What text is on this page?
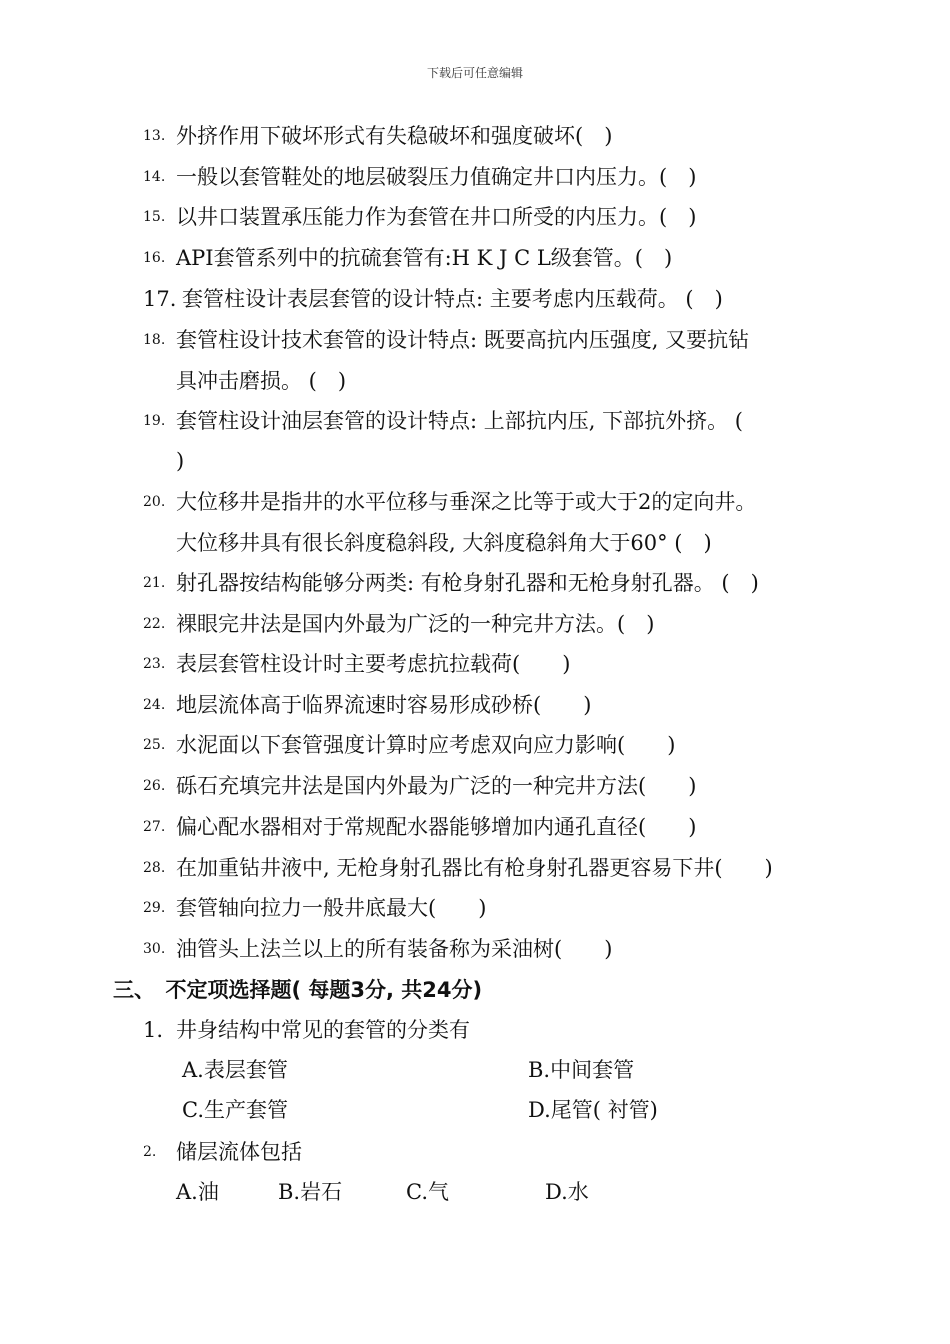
下载后可任意编辑
13. 外挤作用下破坏形式有失稳破坏和强度破坏(　)
14. 一般以套管鞋处的地层破裂压力值确定井口内压力。(　)
15. 以井口装置承压能力作为套管在井口所受的内压力。(　)
16. API套管系列中的抗硫套管有:H K J C L级套管。(　)
17. 套管柱设计表层套管的设计特点: 主要考虑内压载荷。 (　)
18. 套管柱设计技术套管的设计特点: 既要高抗内压强度, 又要抗钻
具冲击磨损。 (　)
19. 套管柱设计油层套管的设计特点: 上部抗内压, 下部抗外挤。 (
)
20. 大位移井是指井的水平位移与垂深之比等于或大于2的定向井。
大位移井具有很长斜度稳斜段, 大斜度稳斜角大于60° (　)
21. 射孔器按结构能够分两类: 有枪身射孔器和无枪身射孔器。 (　)
22. 裸眼完井法是国内外最为广泛的一种完井方法。(　)
23. 表层套管柱设计时主要考虑抗拉载荷(　　)
24. 地层流体高于临界流速时容易形成砂桥(　　)
25. 水泥面以下套管强度计算时应考虑双向应力影响(　　)
26. 砾石充填完井法是国内外最为广泛的一种完井方法(　　)
27. 偏心配水器相对于常规配水器能够增加内通孔直径(　　)
28. 在加重钻井液中, 无枪身射孔器比有枪身射孔器更容易下井(　　)
29. 套管轴向拉力一般井底最大(　　)
30. 油管头上法兰以上的所有装备称为采油树(　　)
三、　不定项选择题( 每题3分, 共24分)
1. 井身结构中常见的套管的分类有
A.表层套管	B.中间套管
C.生产套管	D.尾管( 衬管)
2. 储层流体包括
A.油	B.岩石	C.气	D.水
